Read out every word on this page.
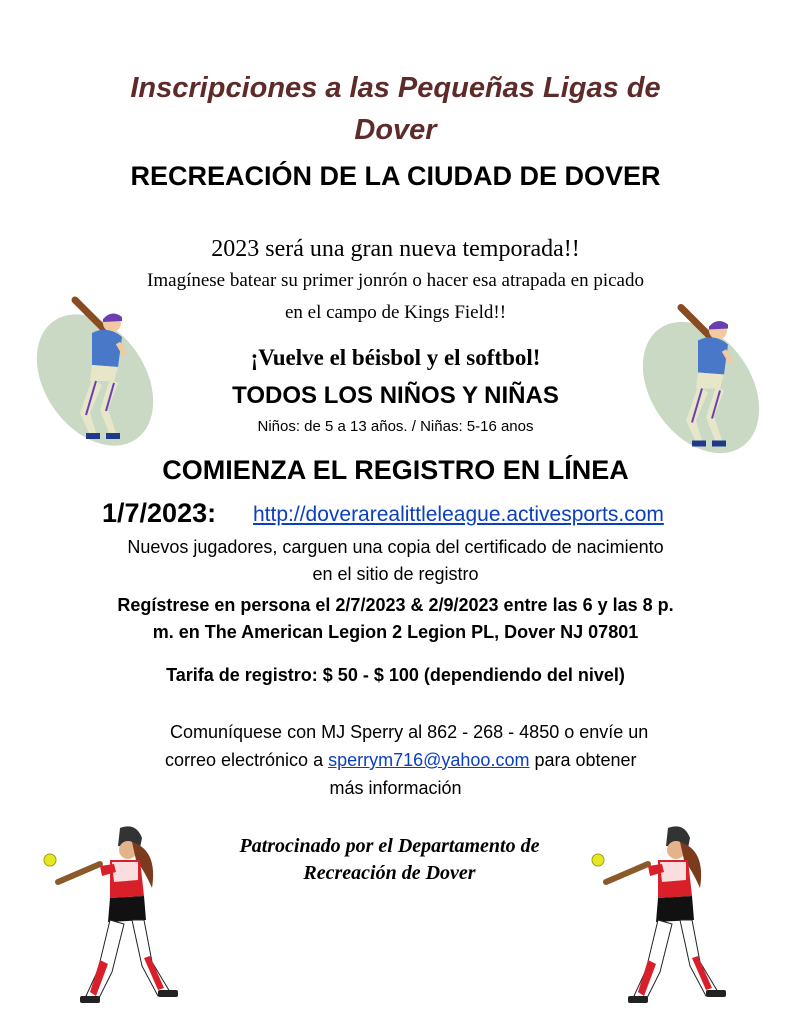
Inscripciones a las Pequeñas Ligas de
Dover
RECREACIÓN DE LA CIUDAD DE DOVER
2023 será una gran nueva temporada!!
Imagínese batear su primer jonrón o hacer esa atrapada en picado
en el campo de Kings Field!!
¡Vuelve el béisbol y el softbol!
TODOS LOS NIÑOS Y NIÑAS
Niños: de 5 a 13 años. / Niñas: 5-16 anos
COMIENZA EL REGISTRO EN LÍNEA
1/7/2023: http://doverarealittleleague.activesports.com
Nuevos jugadores, carguen una copia del certificado de nacimiento
en el sitio de registro
Regístrese en persona el 2/7/2023 & 2/9/2023 entre las 6 y las 8 p.
m. en The American Legion 2 Legion PL, Dover NJ 07801
Tarifa de registro: $ 50 - $ 100 (dependiendo del nivel)
Comuníquese con MJ Sperry al 862 - 268 - 4850 o envíe un
correo electrónico a sperrym716@yahoo.com para obtener
más información
Patrocinado por el Departamento de
Recreación de Dover
